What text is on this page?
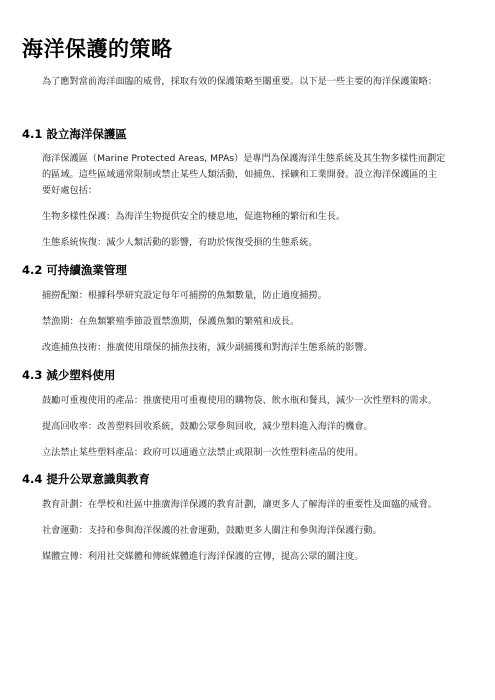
海洋保護的策略

為了應對當前海洋面臨的威脅，採取有效的保護策略至關重要。以下是一些主要的海洋保護策略：

4.1 設立海洋保護區

海洋保護區（Marine Protected Areas, MPAs）是專門為保護海洋生態系統及其生物多樣性而劃定

的區域。這些區域通常限制或禁止某些人類活動，如捕魚、採礦和工業開發。設立海洋保護區的主

要好處包括：

生物多樣性保護：為海洋生物提供安全的棲息地，促進物種的繁衍和生長。

生態系統恢復：減少人類活動的影響，有助於恢復受損的生態系統。

4.2 可持續漁業管理

捕撈配額：根據科學研究設定每年可捕撈的魚類數量，防止過度捕撈。

禁漁期：在魚類繁殖季節設置禁漁期，保護魚類的繁殖和成長。

改進捕魚技術：推廣使用環保的捕魚技術，減少副捕獲和對海洋生態系統的影響。

4.3 減少塑料使用

鼓勵可重複使用的產品：推廣使用可重複使用的購物袋、飲水瓶和餐具，減少一次性塑料的需求。

提高回收率：改善塑料回收系統，鼓勵公眾參與回收，減少塑料進入海洋的機會。

立法禁止某些塑料產品：政府可以通過立法禁止或限制一次性塑料產品的使用。

4.4 提升公眾意識與教育

教育計劃：在學校和社區中推廣海洋保護的教育計劃，讓更多人了解海洋的重要性及面臨的威脅。

社會運動：支持和參與海洋保護的社會運動，鼓勵更多人關注和參與海洋保護行動。

媒體宣傳：利用社交媒體和傳統媒體進行海洋保護的宣傳，提高公眾的關注度。
